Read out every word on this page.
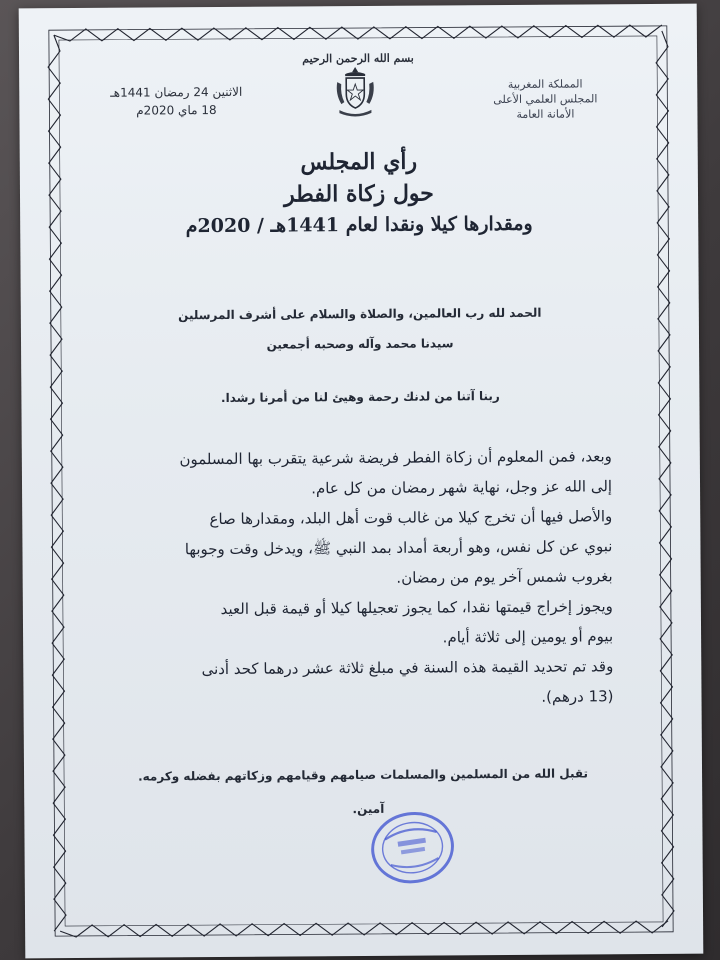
بسم الله الرحمن الرحيم
المملكة المغربية
المجلس العلمي الأعلى
الأمانة العامة
الاثنين 24 رمضان 1441هـ
18 ماي 2020م
رأي المجلس
حول زكاة الفطر
ومقدارها كيلا ونقدا لعام 1441هـ / 2020م
الحمد لله رب العالمين، والصلاة والسلام على أشرف المرسلين
سيدنا محمد وآله وصحبه أجمعين
ربنا آتنا من لدنك رحمة وهيئ لنا من أمرنا رشدا.

وبعد، فمن المعلوم أن زكاة الفطر فريضة شرعية يتقرب بها المسلمون

إلى الله عز وجل، نهاية شهر رمضان من كل عام.

والأصل فيها أن تخرج كيلا من غالب قوت أهل البلد، ومقدارها صاع

نبوي عن كل نفس، وهو أربعة أمداد بمد النبي ﷺ، ويدخل وقت وجوبها

بغروب شمس آخر يوم من رمضان.

ويجوز إخراج قيمتها نقدا، كما يجوز تعجيلها كيلا أو قيمة قبل العيد

بيوم أو يومين إلى ثلاثة أيام.

وقد تم تحديد القيمة هذه السنة في مبلغ ثلاثة عشر درهما كحد أدنى

(13 درهم).

تقبل الله من المسلمين والمسلمات صيامهم وقيامهم وزكاتهم بفضله وكرمه.
آمين.
